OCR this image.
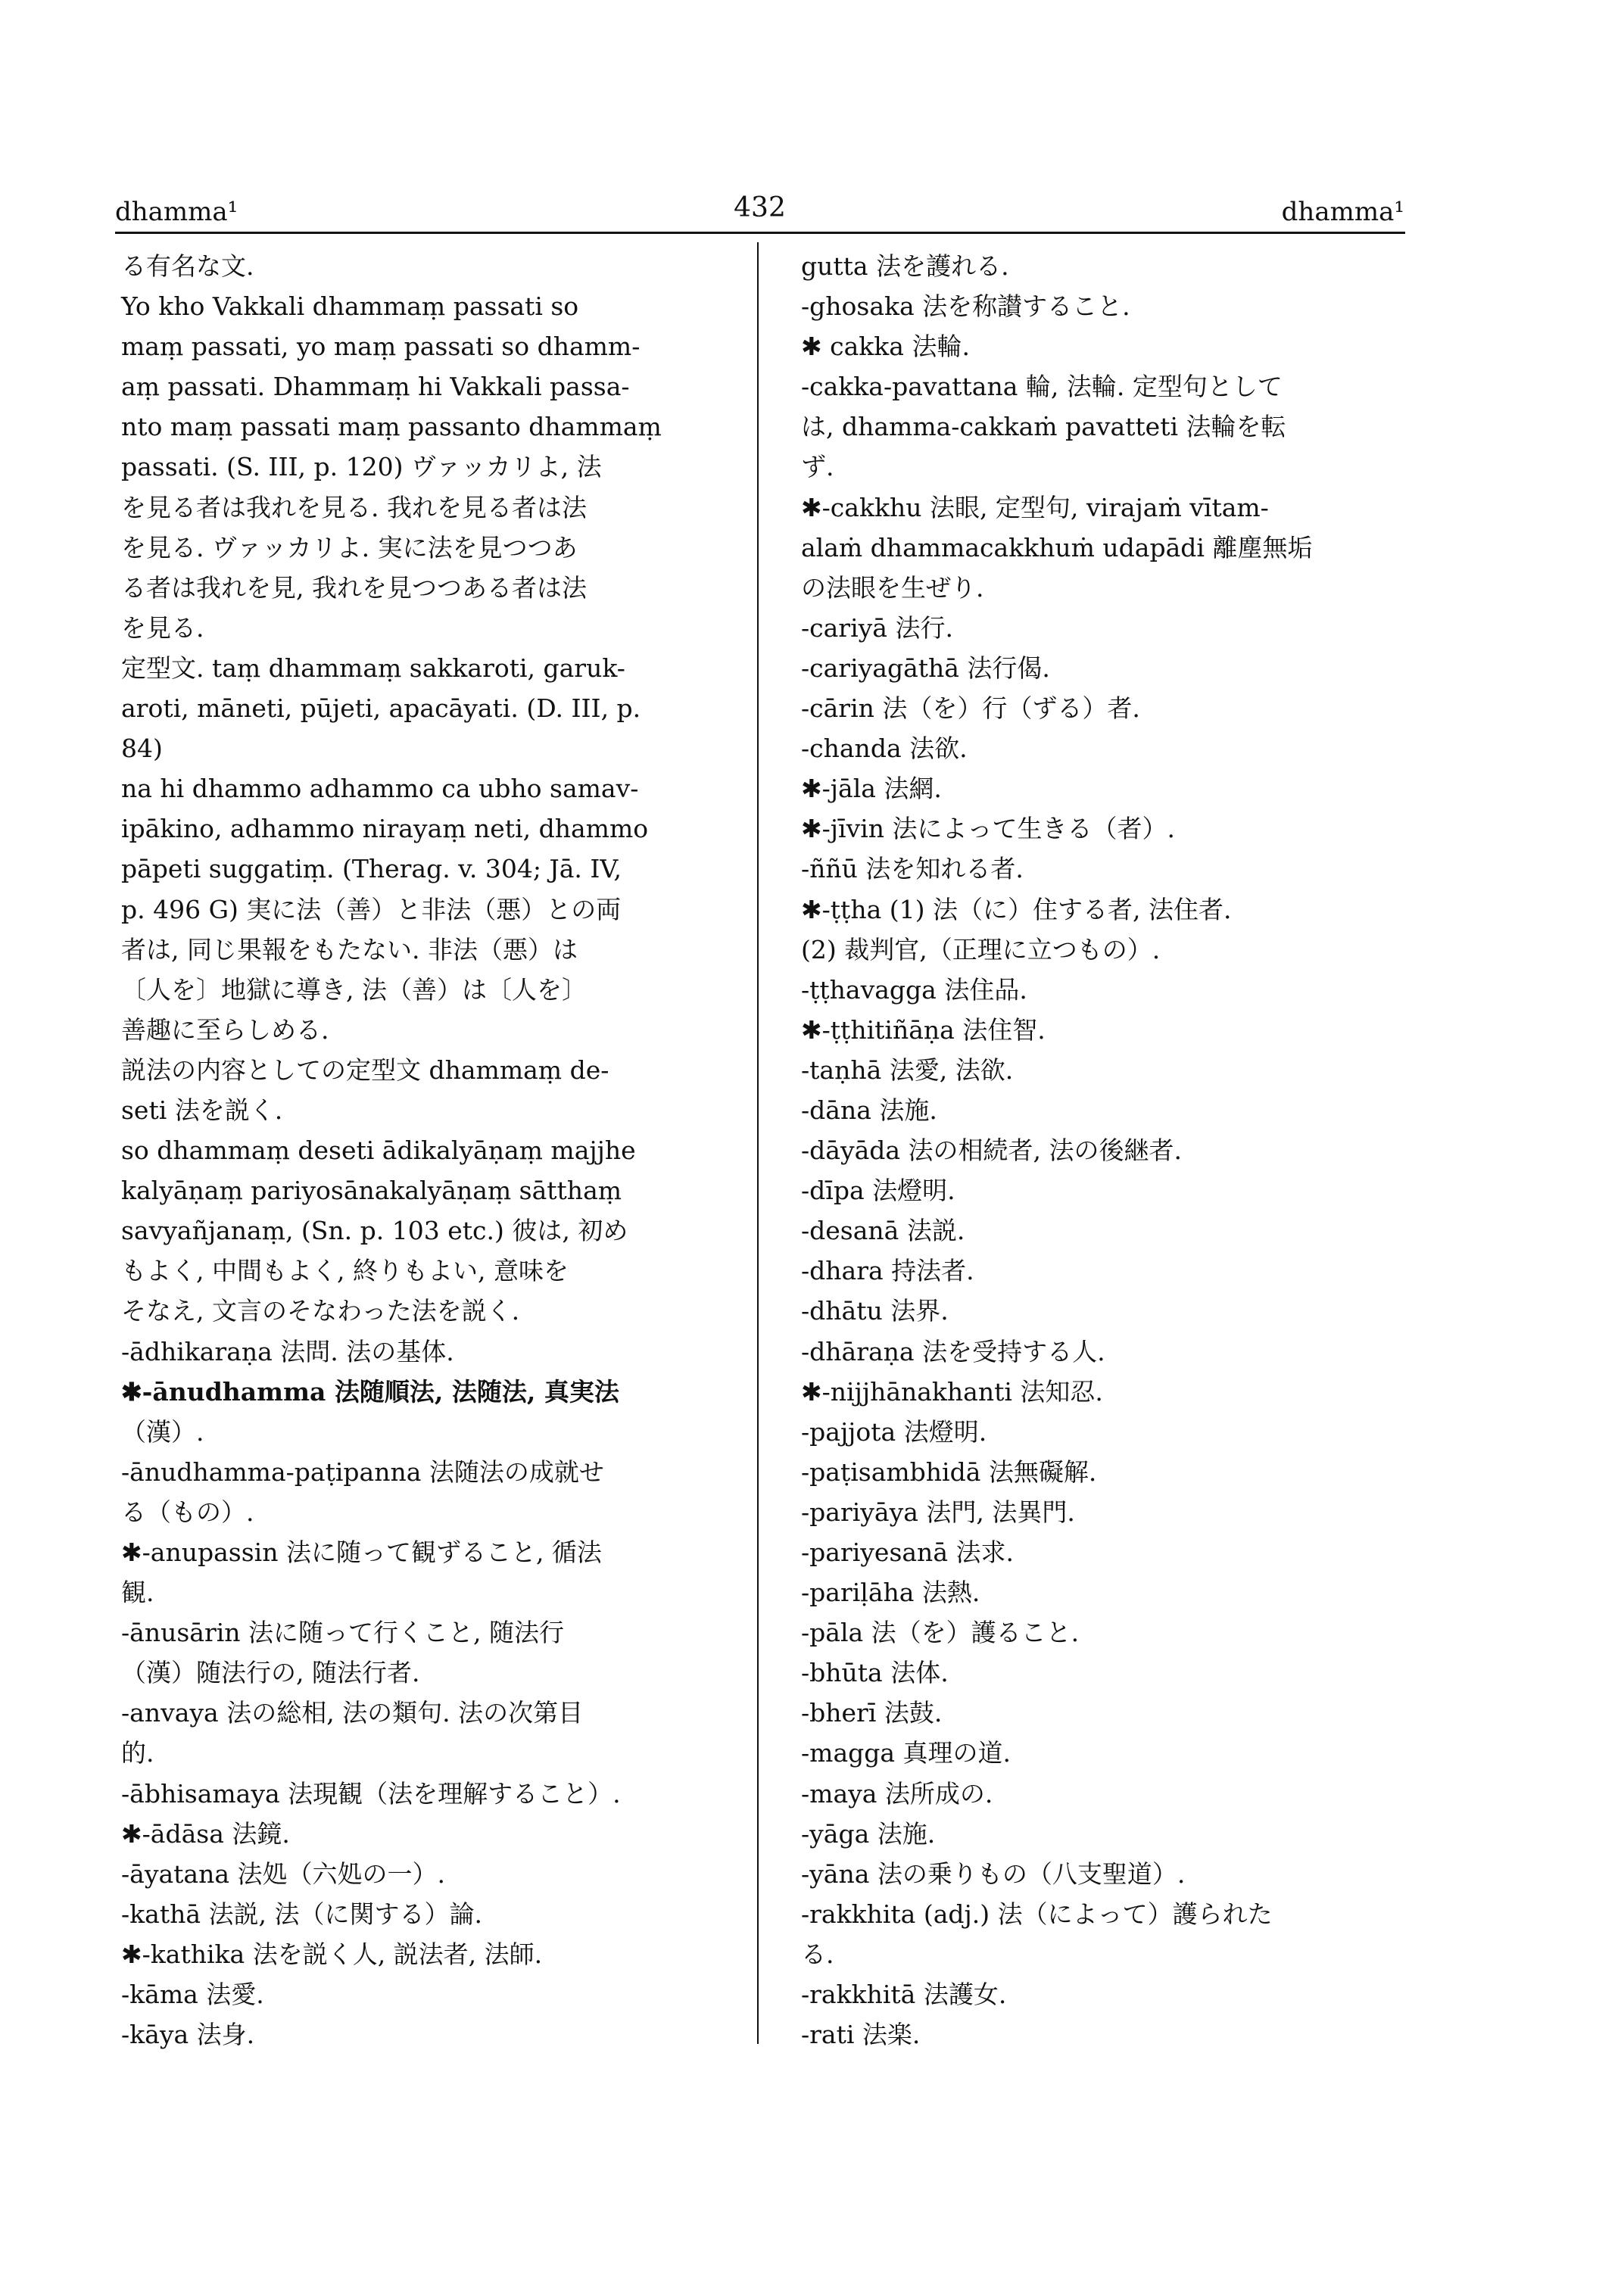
dhamma¹	432	dhamma¹
る有名な文.
Yo kho Vakkali dhammaṃ passati so
maṃ passati, yo maṃ passati so dhamm-
aṃ passati. Dhammaṃ hi Vakkali passa-
nto maṃ passati maṃ passanto dhammaṃ
passati. (S. III, p. 120) ヴァッカリよ, 法
を見る者は我れを見る. 我れを見る者は法
を見る. ヴァッカリよ. 実に法を見つつあ
る者は我れを見, 我れを見つつある者は法
を見る.
定型文. taṃ dhammaṃ sakkaroti, garuk-
aroti, māneti, pūjeti, apacāyati. (D. III, p.
84)
na hi dhammo adhammo ca ubho samav-
ipākino, adhammo nirayaṃ neti, dhammo
pāpeti suggatiṃ. (Therag. v. 304; Jā. IV,
p. 496 G) 実に法（善）と非法（悪）との両
者は, 同じ果報をもたない. 非法（悪）は
〔人を〕地獄に導き, 法（善）は〔人を〕
善趣に至らしめる.
説法の内容としての定型文 dhammaṃ de-
seti 法を説く.
so dhammaṃ deseti ādikalyāṇaṃ majjhe
kalyāṇaṃ pariyosānakalyāṇaṃ sātthaṃ
savyañjanaṃ, (Sn. p. 103 etc.) 彼は, 初め
もよく, 中間もよく, 終りもよい, 意味を
そなえ, 文言のそなわった法を説く.
-ādhikaraṇa 法問. 法の基体.
✱-ānudhamma 法随順法, 法随法, 真実法
（漢）.
-ānudhamma-paṭipanna 法随法の成就せ
る（もの）.
✱-anupassin 法に随って観ずること, 循法
観.
-ānusārin 法に随って行くこと, 随法行
（漢）随法行の, 随法行者.
-anvaya 法の総相, 法の類句. 法の次第目
的.
-ābhisamaya 法現観（法を理解すること）.
✱-ādāsa 法鏡.
-āyatana 法処（六処の一）.
-kathā 法説, 法（に関する）論.
✱-kathika 法を説く人, 説法者, 法師.
-kāma 法愛.
-kāya 法身.
gutta 法を護れる.
-ghosaka 法を称讃すること.
✱ cakka 法輪.
-cakka-pavattana 輪, 法輪. 定型句として
は, dhamma-cakkaṁ pavatteti 法輪を転
ず.
✱-cakkhu 法眼, 定型句, virajaṁ vītam-
alaṁ dhammacakkhuṁ udapādi 離塵無垢
の法眼を生ぜり.
-cariyā 法行.
-cariyagāthā 法行偈.
-cārin 法（を）行（ずる）者.
-chanda 法欲.
✱-jāla 法網.
✱-jīvin 法によって生きる（者）.
-ññū 法を知れる者.
✱-ṭṭha (1) 法（に）住する者, 法住者.
(2) 裁判官,（正理に立つもの）.
-ṭṭhavagga 法住品.
✱-ṭṭhitiñāṇa 法住智.
-taṇhā 法愛, 法欲.
-dāna 法施.
-dāyāda 法の相続者, 法の後継者.
-dīpa 法燈明.
-desanā 法説.
-dhara 持法者.
-dhātu 法界.
-dhāraṇa 法を受持する人.
✱-nijjhānakhanti 法知忍.
-pajjota 法燈明.
-paṭisambhidā 法無礙解.
-pariyāya 法門, 法異門.
-pariyesanā 法求.
-pariḷāha 法熱.
-pāla 法（を）護ること.
-bhūta 法体.
-bherī 法鼓.
-magga 真理の道.
-maya 法所成の.
-yāga 法施.
-yāna 法の乗りもの（八支聖道）.
-rakkhita (adj.) 法（によって）護られた
る.
-rakkhitā 法護女.
-rati 法楽.
